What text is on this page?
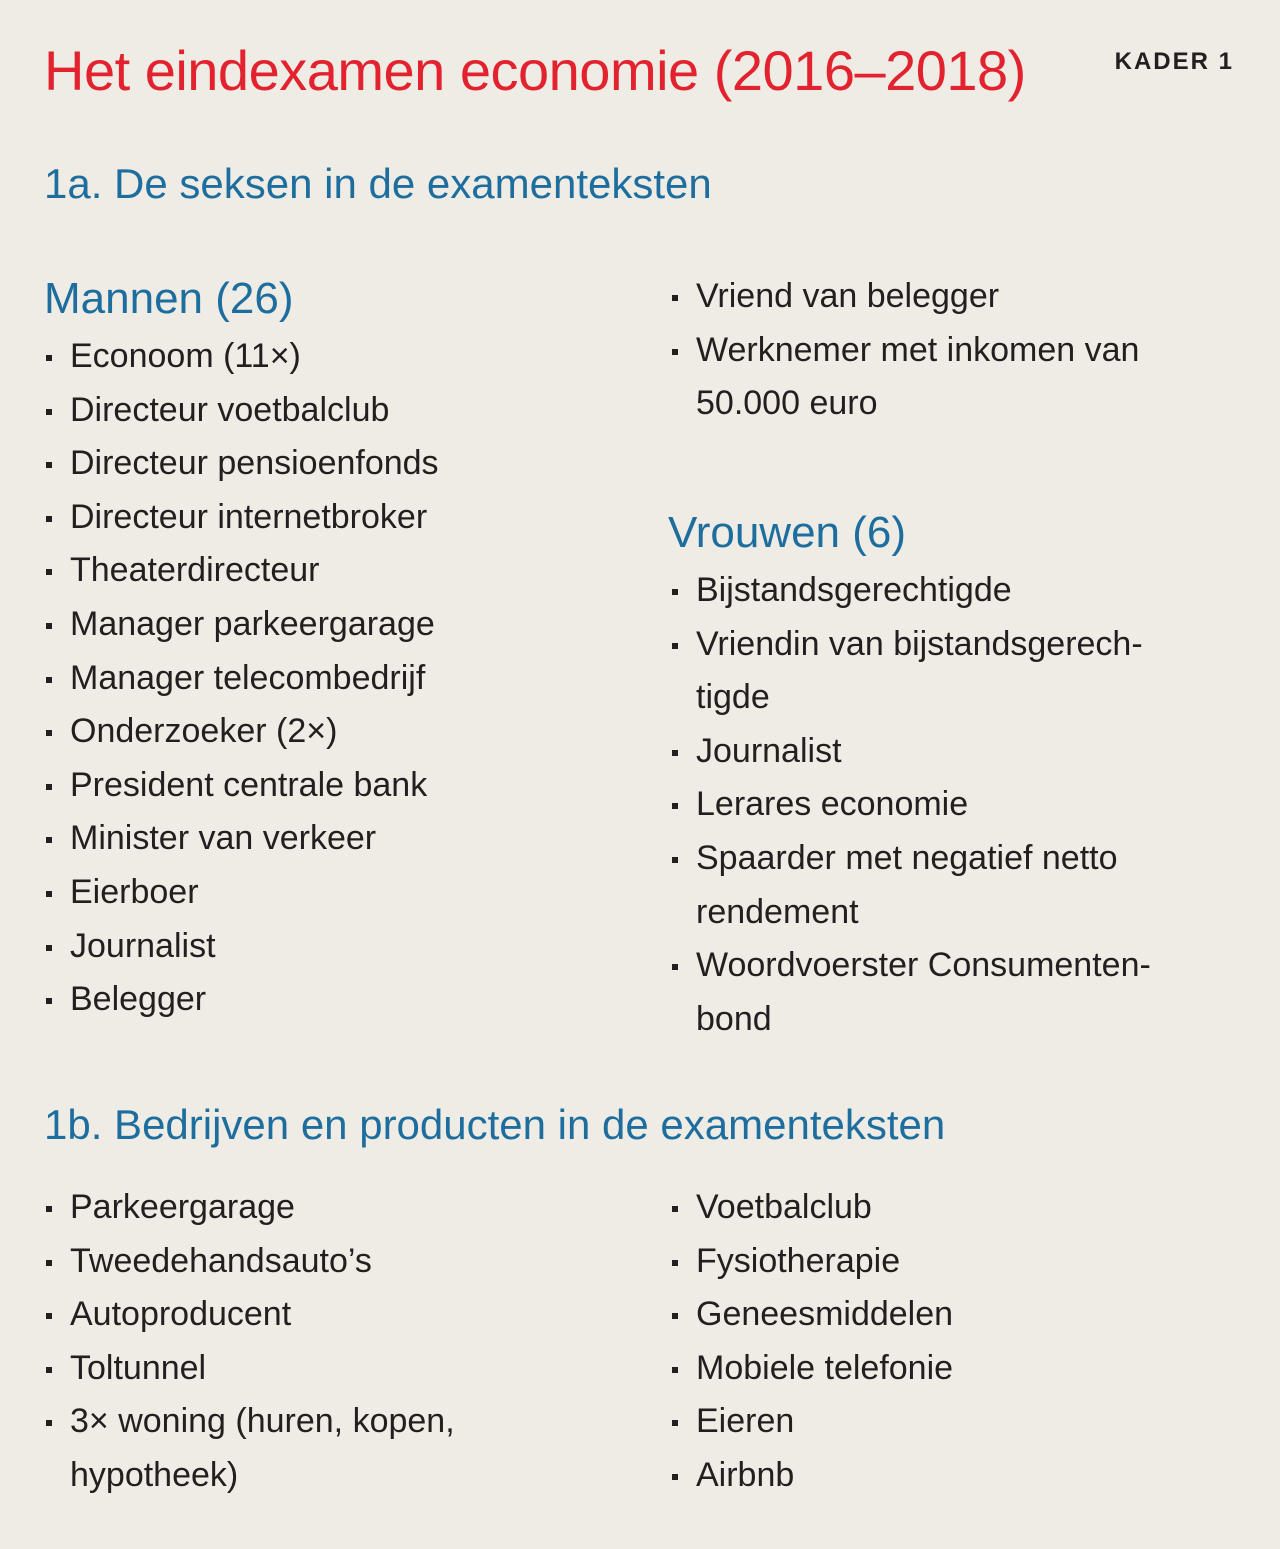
Het eindexamen economie (2016–2018)	KADER 1
1a. De seksen in de examenteksten
Mannen (26)
Econoom (11×)
Directeur voetbalclub
Directeur pensioenfonds
Directeur internetbroker
Theaterdirecteur
Manager parkeergarage
Manager telecombedrijf
Onderzoeker (2×)
President centrale bank
Minister van verkeer
Eierboer
Journalist
Belegger
Vriend van belegger
Werknemer met inkomen van
50.000 euro
Vrouwen (6)
Bijstandsgerechtigde
Vriendin van bijstandsgerech-
tigde
Journalist
Lerares economie
Spaarder met negatief netto
rendement
Woordvoerster Consumenten-
bond
1b. Bedrijven en producten in de examenteksten
Parkeergarage
Tweedehandsauto’s
Autoproducent
Toltunnel
3× woning (huren, kopen,
hypotheek)
Voetbalclub
Fysiotherapie
Geneesmiddelen
Mobiele telefonie
Eieren
Airbnb
